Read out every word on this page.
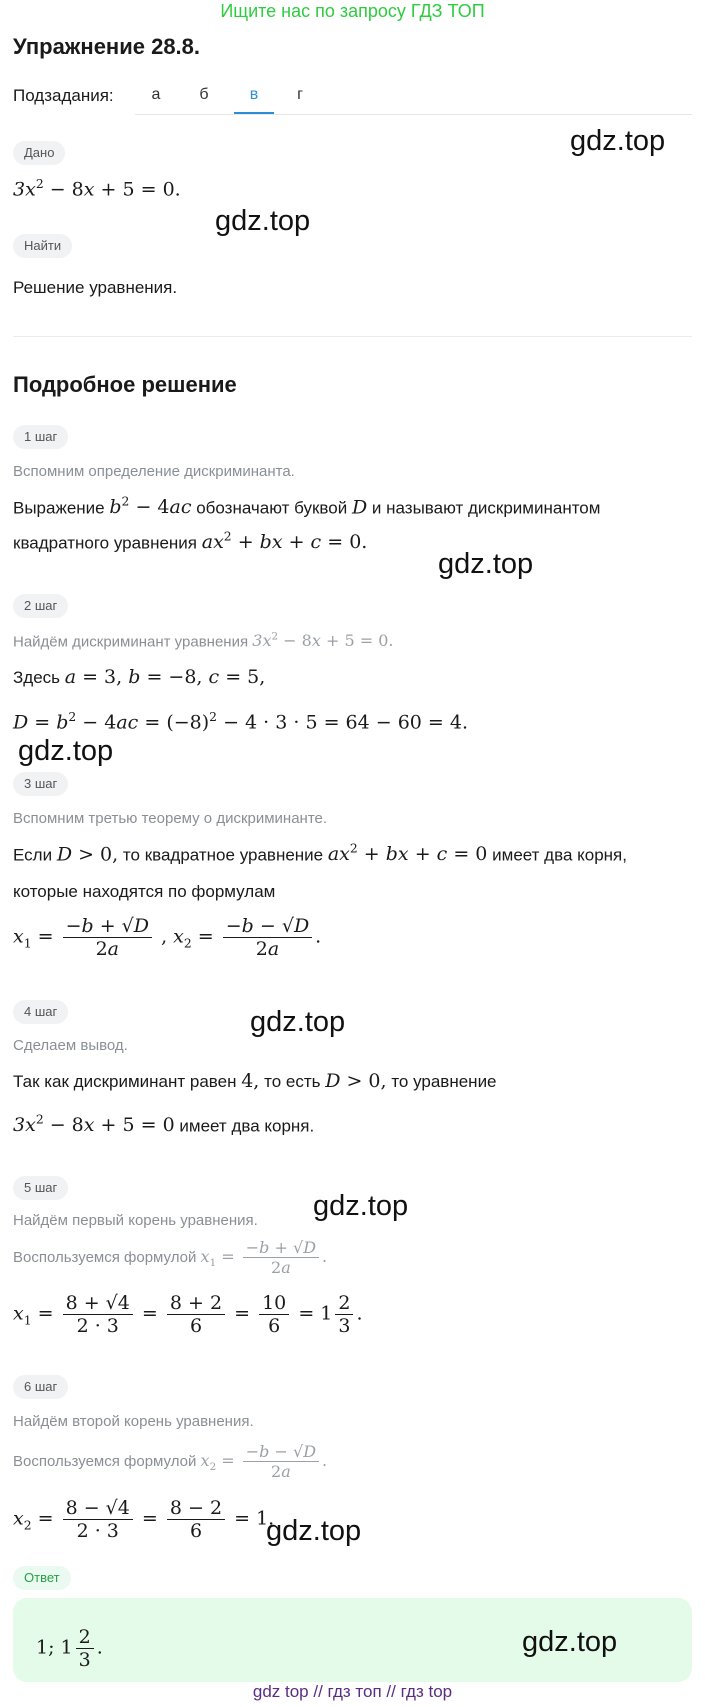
Ищите нас по запросу ГДЗ ТОП
Упражнение 28.8.
Подзадания:	а	б	в	г
Дано
$3x^2 - 8x + 5 = 0$.
gdz.top
gdz.top
Найти
Решение уравнения.
Подробное решение
1 шаг
Вспомним определение дискриминанта.
Выражение $b^2 - 4ac$ обозначают буквой D и называют дискриминантом
квадратного уравнения $ax^2$ + bx + c = 0.
gdz.top
2 шаг
Найдём дискриминант уравнения $3x^2 - 8x + 5 = 0$.
Здесь a = 3, b = −8, c = 5,
$D = b^2 - 4ac = (-8)^2 - 4 \cdot 3 \cdot 5 = 64 - 60 = 4$.
gdz.top
3 шаг
Вспомним третью теорему о дискриминанте.
Если D > 0, то квадратное уравнение $ax^2$ + bx + c = 0 имеет два корня,
которые находятся по формулам
$x_1 = \frac{-b + √D}{2a}$ , $x_2 = \frac{-b - √D}{2a}$ .
4 шаг	gdz.top
Сделаем вывод.
Так как дискриминант равен 4, то есть D > 0, то уравнение
$3x^2 - 8x + 5 = 0$ имеет два корня.
5 шаг
gdz.top
Найдём первый корень уравнения.
Воспользуемся формулой $x_1 = \frac{-b + √D}{2a}$ .
$x_1 = \frac{8 + √4}{2 \cdot 3} = \frac{8 + 2}{6} = \frac{10}{6} = 1 \frac{2}{3}$ .
6 шаг
Найдём второй корень уравнения.
Воспользуемся формулой $x_2 = \frac{-b - √D}{2a}$ .
$x_2 = \frac{8 - √4}{2 \cdot 3} = \frac{8 - 2}{6} = 1$.
gdz.top
Ответ
1; $1 \frac{2}{3}$ .	gdz.top
gdz top // гдз топ // гдз top
